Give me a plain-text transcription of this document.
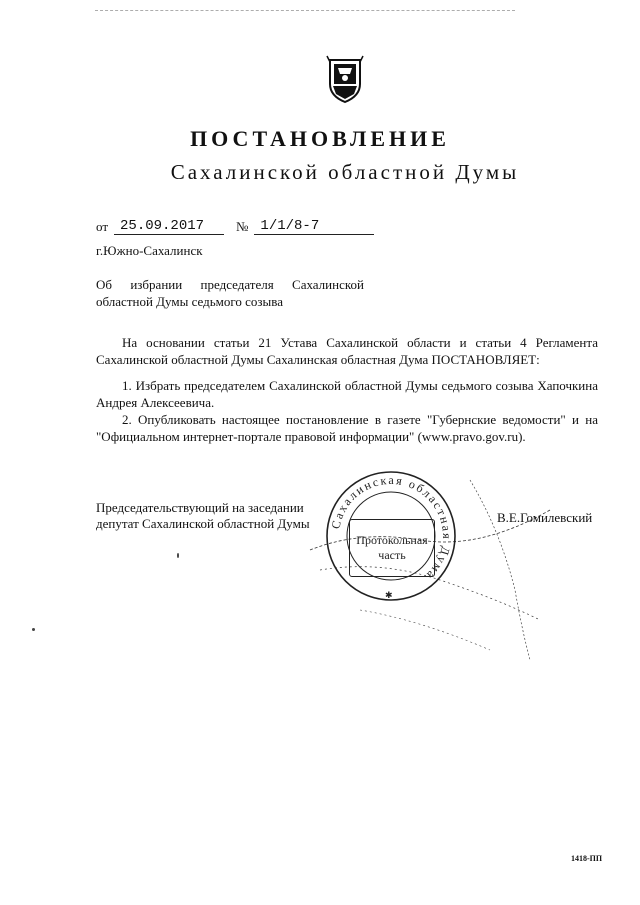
ПОСТАНОВЛЕНИЕ
Сахалинской областной Думы
от 25.09.2017	№ 1/1/8-7
г.Южно-Сахалинск
Об избрании председателя Сахалинской
областной Думы седьмого созыва

На основании статьи 21 Устава Сахалинской области и статьи 4 Регламента Сахалинской областной Думы Сахалинская областная Дума ПОСТАНОВЛЯЕТ:

1. Избрать председателем Сахалинской областной Думы седьмого созыва Хапочкина Андрея Алексеевича.

2. Опубликовать настоящее постановление в газете "Губернские ведомости" и на "Официальном интернет-портале правовой информации" (www.pravo.gov.ru).

Председательствующий на заседании
депутат Сахалинской областной Думы Сахалинская областная Дума
✱
Протокольная
часть
В.Е.Гомилевский
1418-ПП
